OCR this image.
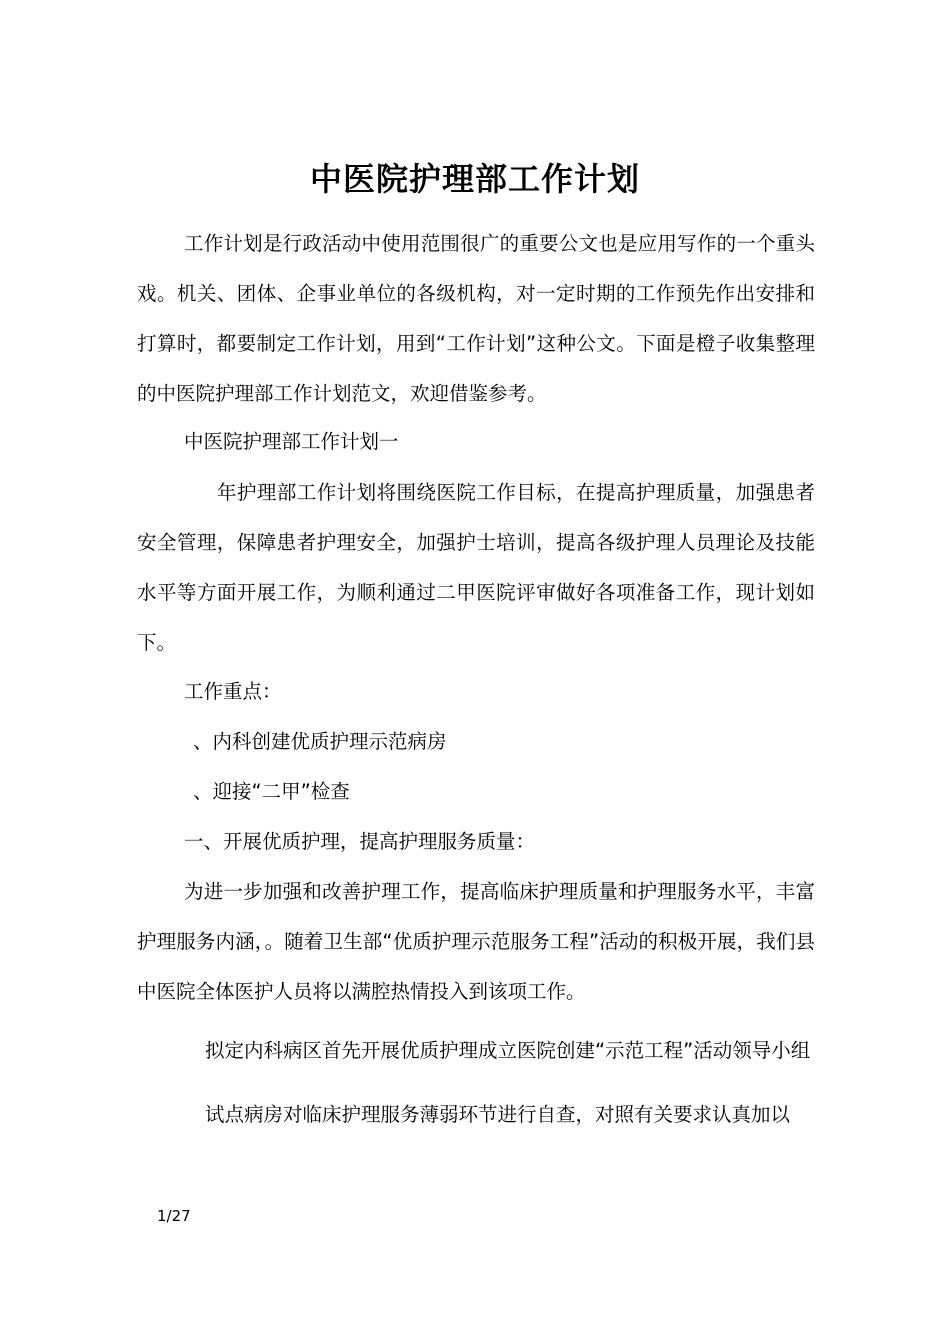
中医院护理部工作计划

工作计划是行政活动中使用范围很广的重要公文也是应用写作的一个重头戏。机关、团体、企事业单位的各级机构，对一定时期的工作预先作出安排和打算时，都要制定工作计划，用到“工作计划”这种公文。下面是橙子收集整理的中医院护理部工作计划范文，欢迎借鉴参考。

中医院护理部工作计划一

年护理部工作计划将围绕医院工作目标，在提高护理质量，加强患者安全管理，保障患者护理安全，加强护士培训，提高各级护理人员理论及技能水平等方面开展工作，为顺利通过二甲医院评审做好各项准备工作，现计划如下。

工作重点：

、内科创建优质护理示范病房

、迎接“二甲”检查

一、开展优质护理，提高护理服务质量：

为进一步加强和改善护理工作，提高临床护理质量和护理服务水平，丰富护理服务内涵，。随着卫生部“优质护理示范服务工程”活动的积极开展，我们县中医院全体医护人员将以满腔热情投入到该项工作。

拟定内科病区首先开展优质护理成立医院创建“示范工程”活动领导小组

试点病房对临床护理服务薄弱环节进行自查，对照有关要求认真加以

1/27
